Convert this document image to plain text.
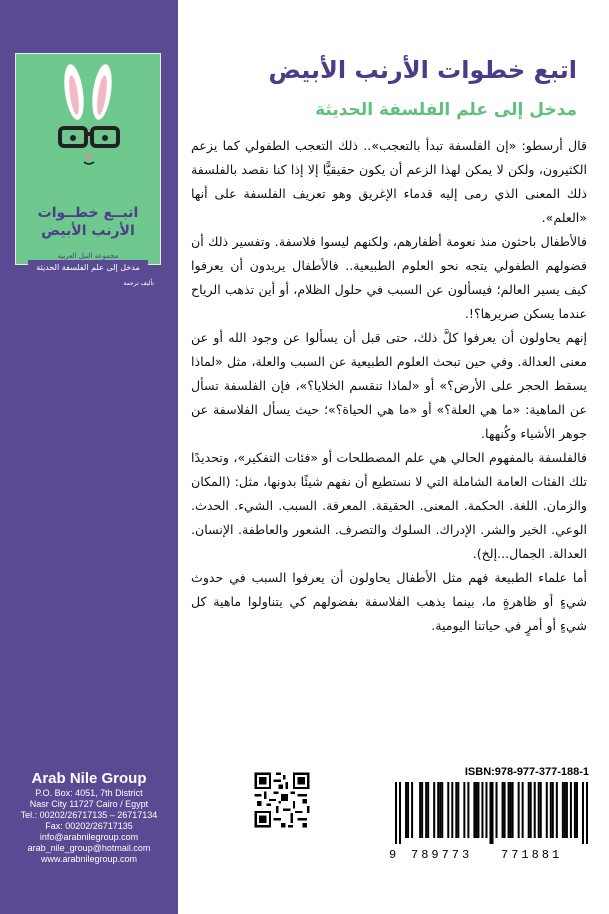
اتبــع خطــوات
الأرنب الأبيض
مدخل إلى علم الفلسفة الحديثة
تأليف ترجمة
مجموعة النيل العربية
Arab Nile Group
P.O. Box: 4051, 7th District
Nasr City 11727 Cairo / Egypt
Tel.: 00202/26717135 – 26717134
Fax: 00202/26717135
info@arabnilegroup.com
arab_nile_group@hotmail.com
www.arabnilegroup.com
اتبع خطوات الأرنب الأبيض
مدخل إلى علم الفلسفة الحديثة

قال أرسطو: «إن الفلسفة تبدأ بالتعجب».. ذلك التعجب الطفولي كما يزعم الكثيرون، ولكن لا يمكن لهذا الزعم أن يكون حقيقيًّا إلا إذا كنا نقصد بالفلسفة ذلك المعنى الذي رمى إليه قدماء الإغريق وهو تعريف الفلسفة على أنها «العلم».

فالأطفال باحثون منذ نعومة أظفارهم، ولكنهم ليسوا فلاسفة. وتفسير ذلك أن فضولهم الطفولي يتجه نحو العلوم الطبيعية.. فالأطفال يريدون أن يعرفوا كيف يسير العالم؛ فيسألون عن السبب في حلول الظلام، أو أين تذهب الرياح عندما يسكن صريرها؟!.

إنهم يحاولون أن يعرفوا كلَّ ذلك، حتى قبل أن يسألوا عن وجود الله أو عن معنى العدالة. وفي حين تبحث العلوم الطبيعية عن السبب والعلة، مثل «لماذا يسقط الحجر على الأرض؟» أو «لماذا تنقسم الخلايا؟»، فإن الفلسفة تسأل عن الماهية: «ما هي العلة؟» أو «ما هي الحياة؟»؛ حيث يسأل الفلاسفة عن جوهر الأشياء وكُنهها.

فالفلسفة بالمفهوم الحالي هي علم المصطلحات أو «فئات التفكير»، وتحديدًا تلك الفئات العامة الشاملة التي لا نستطيع أن نفهم شيئًا بدونها، مثل: (المكان والزمان. اللغة. الحكمة. المعنى. الحقيقة. المعرفة. السبب. الشيء. الحدث. الوعي. الخير والشر. الإدراك. السلوك والتصرف. الشعور والعاطفة. الإنسان. العدالة. الجمال...إلخ).

أما علماء الطبيعة فهم مثل الأطفال يحاولون أن يعرفوا السبب في حدوث شيءٍ أو ظاهرةٍ ما، بينما يذهب الفلاسفة بفضولهم كي يتناولوا ماهية كل شيءٍ أو أمرٍ في حياتنا اليومية.

ISBN:978-977-377-188-1
9 789773 771881
